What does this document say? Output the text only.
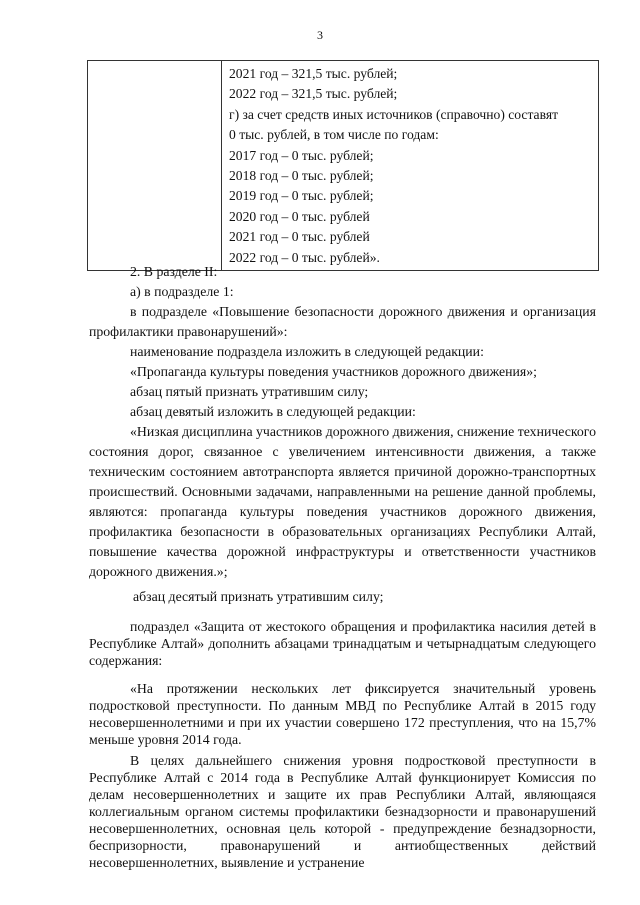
3

2021 год – 321,5 тыс. рублей;
2022 год – 321,5 тыс. рублей;
г) за счет средств иных источников (справочно) составят
0 тыс. рублей, в том числе по годам:
2017 год – 0 тыс. рублей;
2018 год – 0 тыс. рублей;
2019 год – 0 тыс. рублей;
2020 год – 0 тыс. рублей
2021 год – 0 тыс. рублей
2022 год – 0 тыс. рублей».

2. В разделе II:

а) в подразделе 1:

в подразделе «Повышение безопасности дорожного движения и организация профилактики правонарушений»:

наименование подраздела изложить в следующей редакции:

«Пропаганда культуры поведения участников дорожного движения»;

абзац пятый признать утратившим силу;

абзац девятый изложить в следующей редакции:

«Низкая дисциплина участников дорожного движения, снижение технического состояния дорог, связанное с увеличением интенсивности движения, а также техническим состоянием автотранспорта является причиной дорожно-транспортных происшествий. Основными задачами, направленными на решение данной проблемы, являются: пропаганда культуры поведения участников дорожного движения, профилактика безопасности в образовательных организациях Республики Алтай, повышение качества дорожной инфраструктуры и ответственности участников дорожного движения.»;

абзац десятый признать утратившим силу;

подраздел «Защита от жестокого обращения и профилактика насилия детей в Республике Алтай» дополнить абзацами тринадцатым и четырнадцатым следующего содержания:

«На протяжении нескольких лет фиксируется значительный уровень подростковой преступности. По данным МВД по Республике Алтай в 2015 году несовершеннолетними и при их участии совершено 172 преступления, что на 15,7% меньше уровня 2014 года.

В целях дальнейшего снижения уровня подростковой преступности в Республике Алтай с 2014 года в Республике Алтай функционирует Комиссия по делам несовершеннолетних и защите их прав Республики Алтай, являющаяся коллегиальным органом системы профилактики безнадзорности и правонарушений несовершеннолетних, основная цель которой - предупреждение безнадзорности, беспризорности, правонарушений и антиобщественных действий несовершеннолетних, выявление и устранение
